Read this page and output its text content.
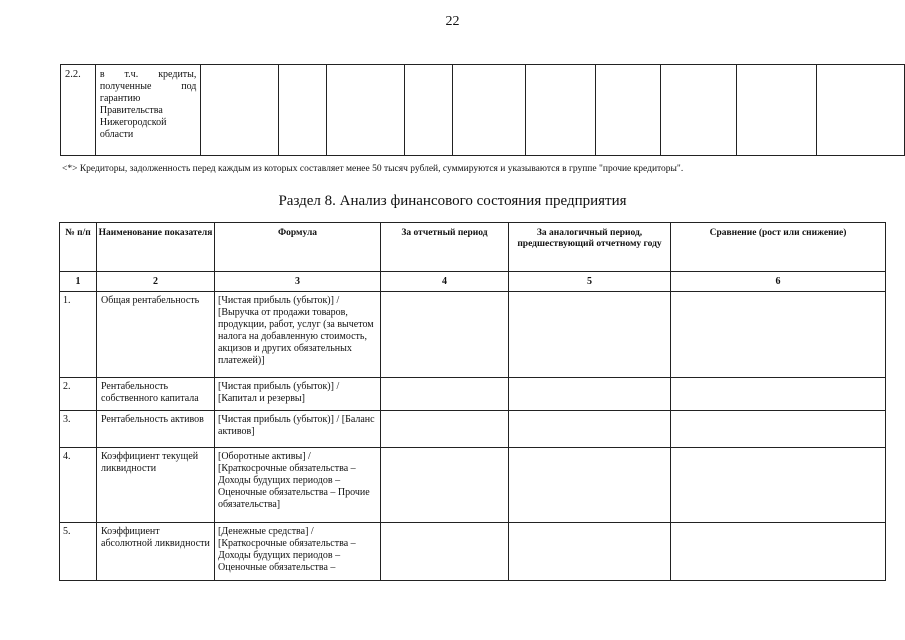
22
2.2.	в т.ч. кредиты, полученные под гарантию Правительства Нижегородской области										
<*> Кредиторы, задолженность перед каждым из которых составляет менее 50 тысяч рублей, суммируются и указываются в группе "прочие кредиторы".
Раздел 8. Анализ финансового состояния предприятия
№ п/п	Наименование показателя	Формула	За отчетный период	За аналогичный период, предшествующий отчетному году	Сравнение (рост или снижение)
1	2	3	4	5	6
1.	Общая рентабельность	[Чистая прибыль (убыток)] / [Выручка от продажи товаров, продукции, работ, услуг (за вычетом налога на добавленную стоимость, акцизов и других обязательных платежей)]			
2.	Рентабельность собственного капитала	[Чистая прибыль (убыток)] / [Капитал и резервы]			
3.	Рентабельность активов	[Чистая прибыль (убыток)] / [Баланс активов]			
4.	Коэффициент текущей ликвидности	[Оборотные активы] / [Краткосрочные обязательства – Доходы будущих периодов – Оценочные обязательства – Прочие обязательства]			
5.	Коэффициент абсолютной ликвидности	[Денежные средства] / [Краткосрочные обязательства – Доходы будущих периодов – Оценочные обязательства –			
